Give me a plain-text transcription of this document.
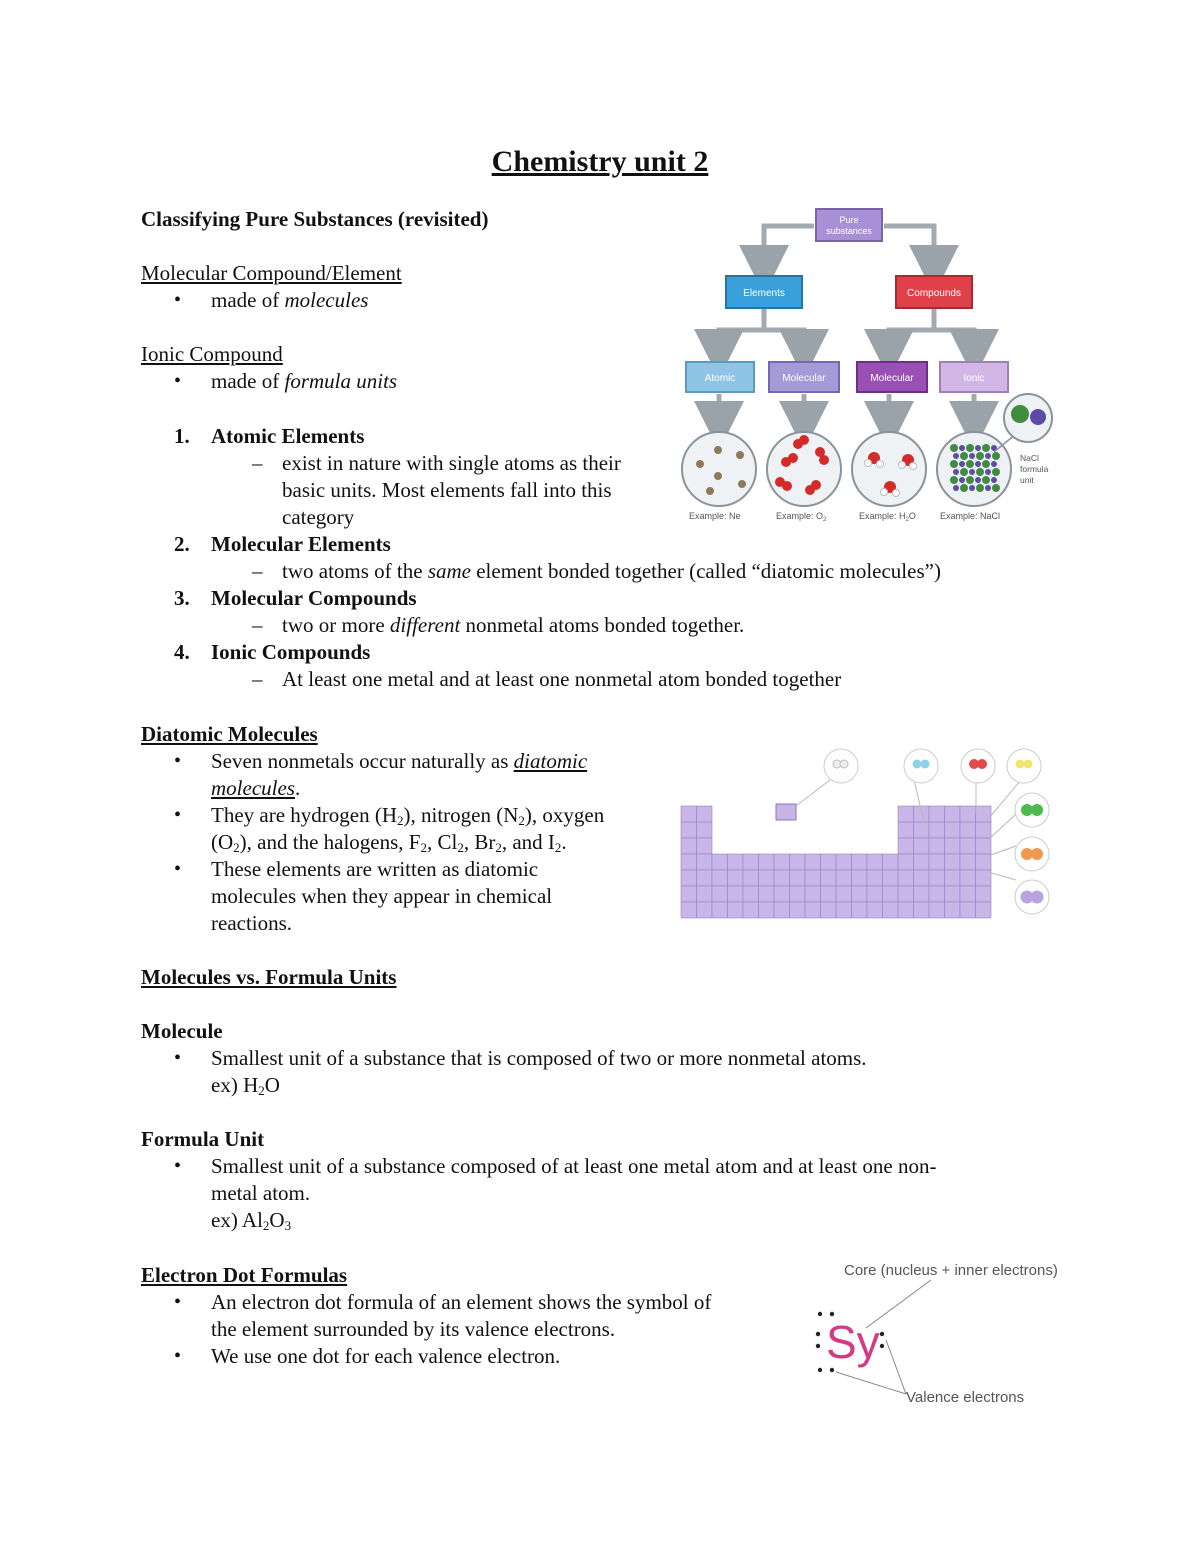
Chemistry unit 2
Classifying Pure Substances (revisited)
Molecular Compound/Element
• made of molecules
Ionic Compound
• made of formula units
1. Atomic Elements
– exist in nature with single atoms as their
basic units. Most elements fall into this
category
2. Molecular Elements
– two atoms of the same element bonded together (called “diatomic molecules”)
3. Molecular Compounds
– two or more different nonmetal atoms bonded together.
4. Ionic Compounds
– At least one metal and at least one nonmetal atom bonded together
Pure
substances
Elements	Compounds
Atomic	Molecular	Molecular	Ionic
NaCl
formula
unit
Example: Ne	Example: $O_2$	Example: $H_2O$	Example: NaCl
Diatomic Molecules
• Seven nonmetals occur naturally as diatomic
molecules.
• They are hydrogen $(H_2)$, nitrogen $(N_2)$, oxygen
$(O_2)$, and the halogens, $F_2$, $Cl_2$, $Br_2$, and $I_2$.
• These elements are written as diatomic
molecules when they appear in chemical
reactions.
Molecules vs. Formula Units
Molecule
• Smallest unit of a substance that is composed of two or more nonmetal atoms.
ex) $H_2O$
Formula Unit
• Smallest unit of a substance composed of at least one metal atom and at least one non-
metal atom.
ex) $Al_2O_3$
Electron Dot Formulas
• An electron dot formula of an element shows the symbol of
the element surrounded by its valence electrons.
• We use one dot for each valence electron.
Core (nucleus + inner electrons)
Valence electrons
Sy
